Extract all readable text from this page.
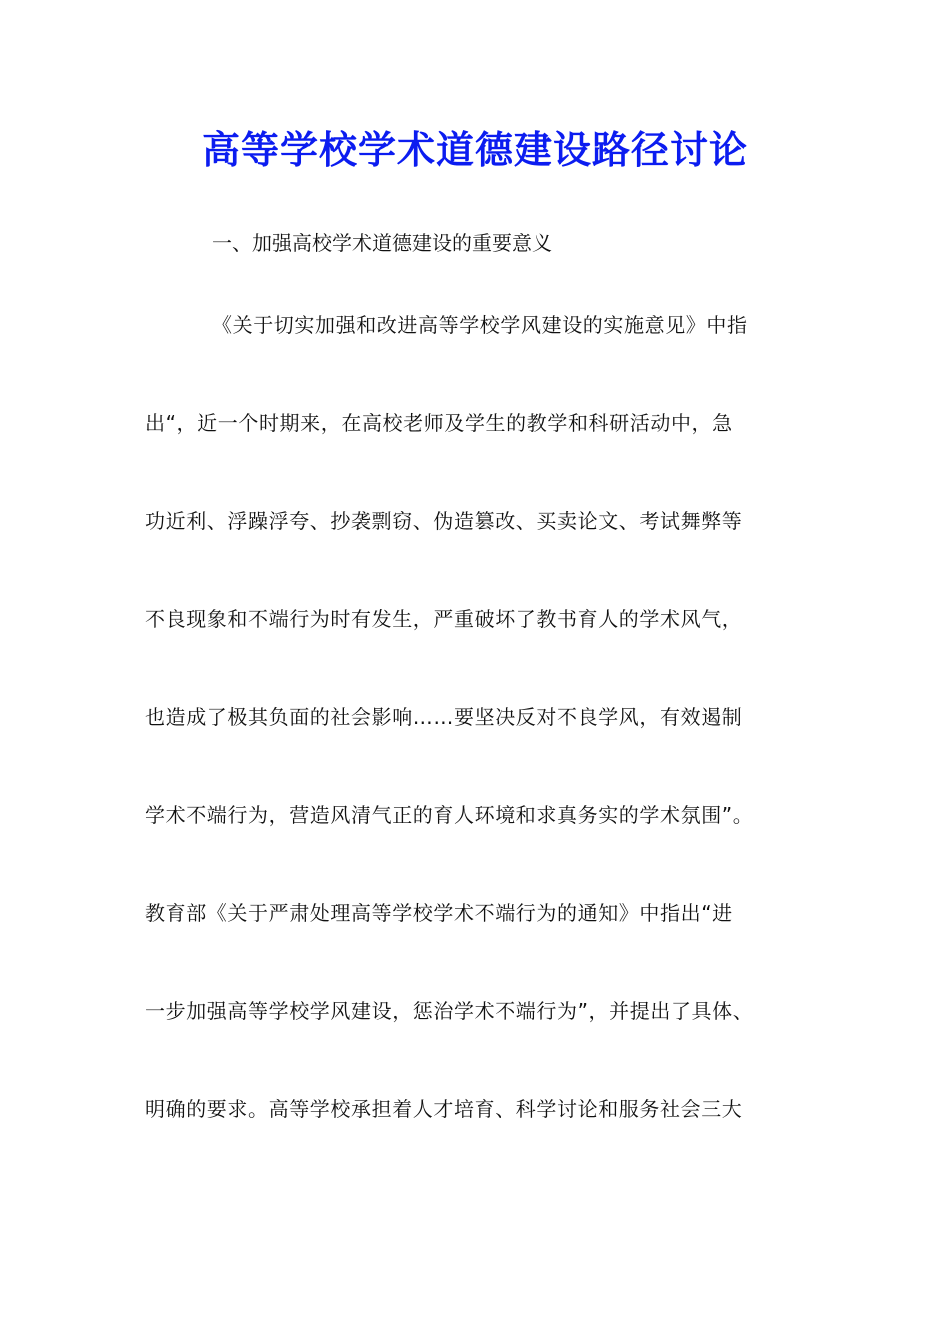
高等学校学术道德建设路径讨论
一、加强高校学术道德建设的重要意义
《关于切实加强和改进高等学校学风建设的实施意见》中指
出“，近一个时期来，在高校老师及学生的教学和科研活动中，急
功近利、浮躁浮夸、抄袭剽窃、伪造篡改、买卖论文、考试舞弊等
不良现象和不端行为时有发生，严重破坏了教书育人的学术风气，
也造成了极其负面的社会影响……要坚决反对不良学风，有效遏制
学术不端行为，营造风清气正的育人环境和求真务实的学术氛围”。
教育部《关于严肃处理高等学校学术不端行为的通知》中指出“进
一步加强高等学校学风建设，惩治学术不端行为”，并提出了具体、
明确的要求。高等学校承担着人才培育、科学讨论和服务社会三大
